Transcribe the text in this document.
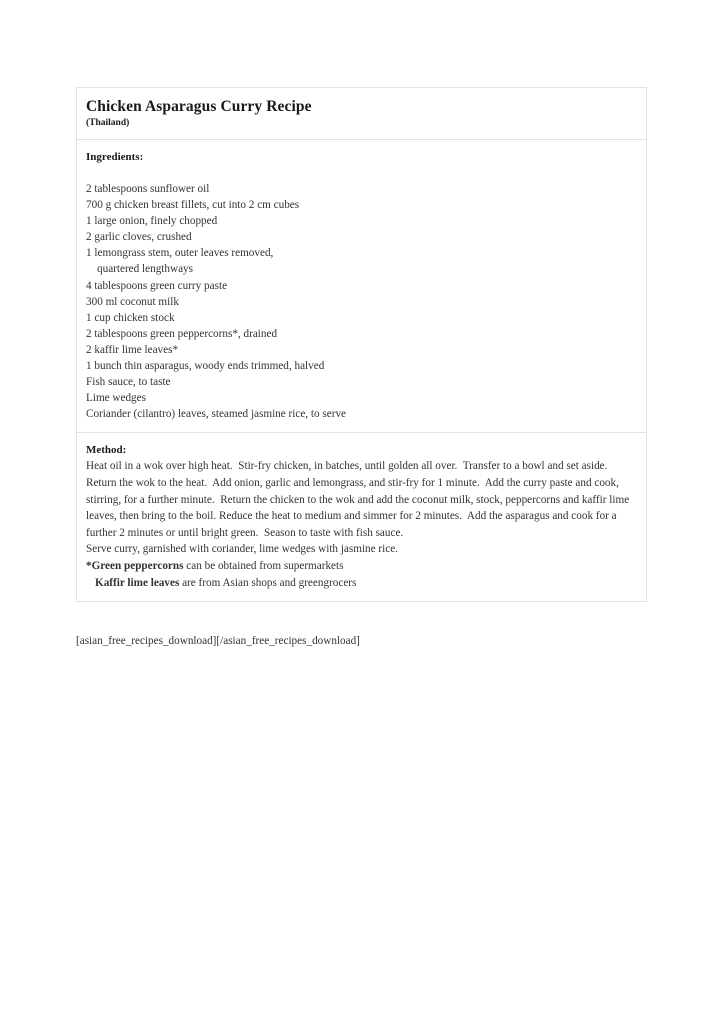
Chicken Asparagus Curry Recipe
(Thailand)
Ingredients:
2 tablespoons sunflower oil
700 g chicken breast fillets, cut into 2 cm cubes
1 large onion, finely chopped
2 garlic cloves, crushed
1 lemongrass stem, outer leaves removed,
quartered lengthways
4 tablespoons green curry paste
300 ml coconut milk
1 cup chicken stock
2 tablespoons green peppercorns*, drained
2 kaffir lime leaves*
1 bunch thin asparagus, woody ends trimmed, halved
Fish sauce, to taste
Lime wedges
Coriander (cilantro) leaves, steamed jasmine rice, to serve
Method:

Heat oil in a wok over high heat.  Stir-fry chicken, in batches, until golden all over.  Transfer to a bowl and set aside.  Return the wok to the heat.  Add onion, garlic and lemongrass, and stir-fry for 1 minute.  Add the curry paste and cook, stirring, for a further minute.  Return the chicken to the wok and add the coconut milk, stock, peppercorns and kaffir lime leaves, then bring to the boil. Reduce the heat to medium and simmer for 2 minutes.  Add the asparagus and cook for a further 2 minutes or until bright green.  Season to taste with fish sauce.

Serve curry, garnished with coriander, lime wedges with jasmine rice.

*Green peppercorns can be obtained from supermarkets

Kaffir lime leaves are from Asian shops and greengrocers

[asian_free_recipes_download][/asian_free_recipes_download]
